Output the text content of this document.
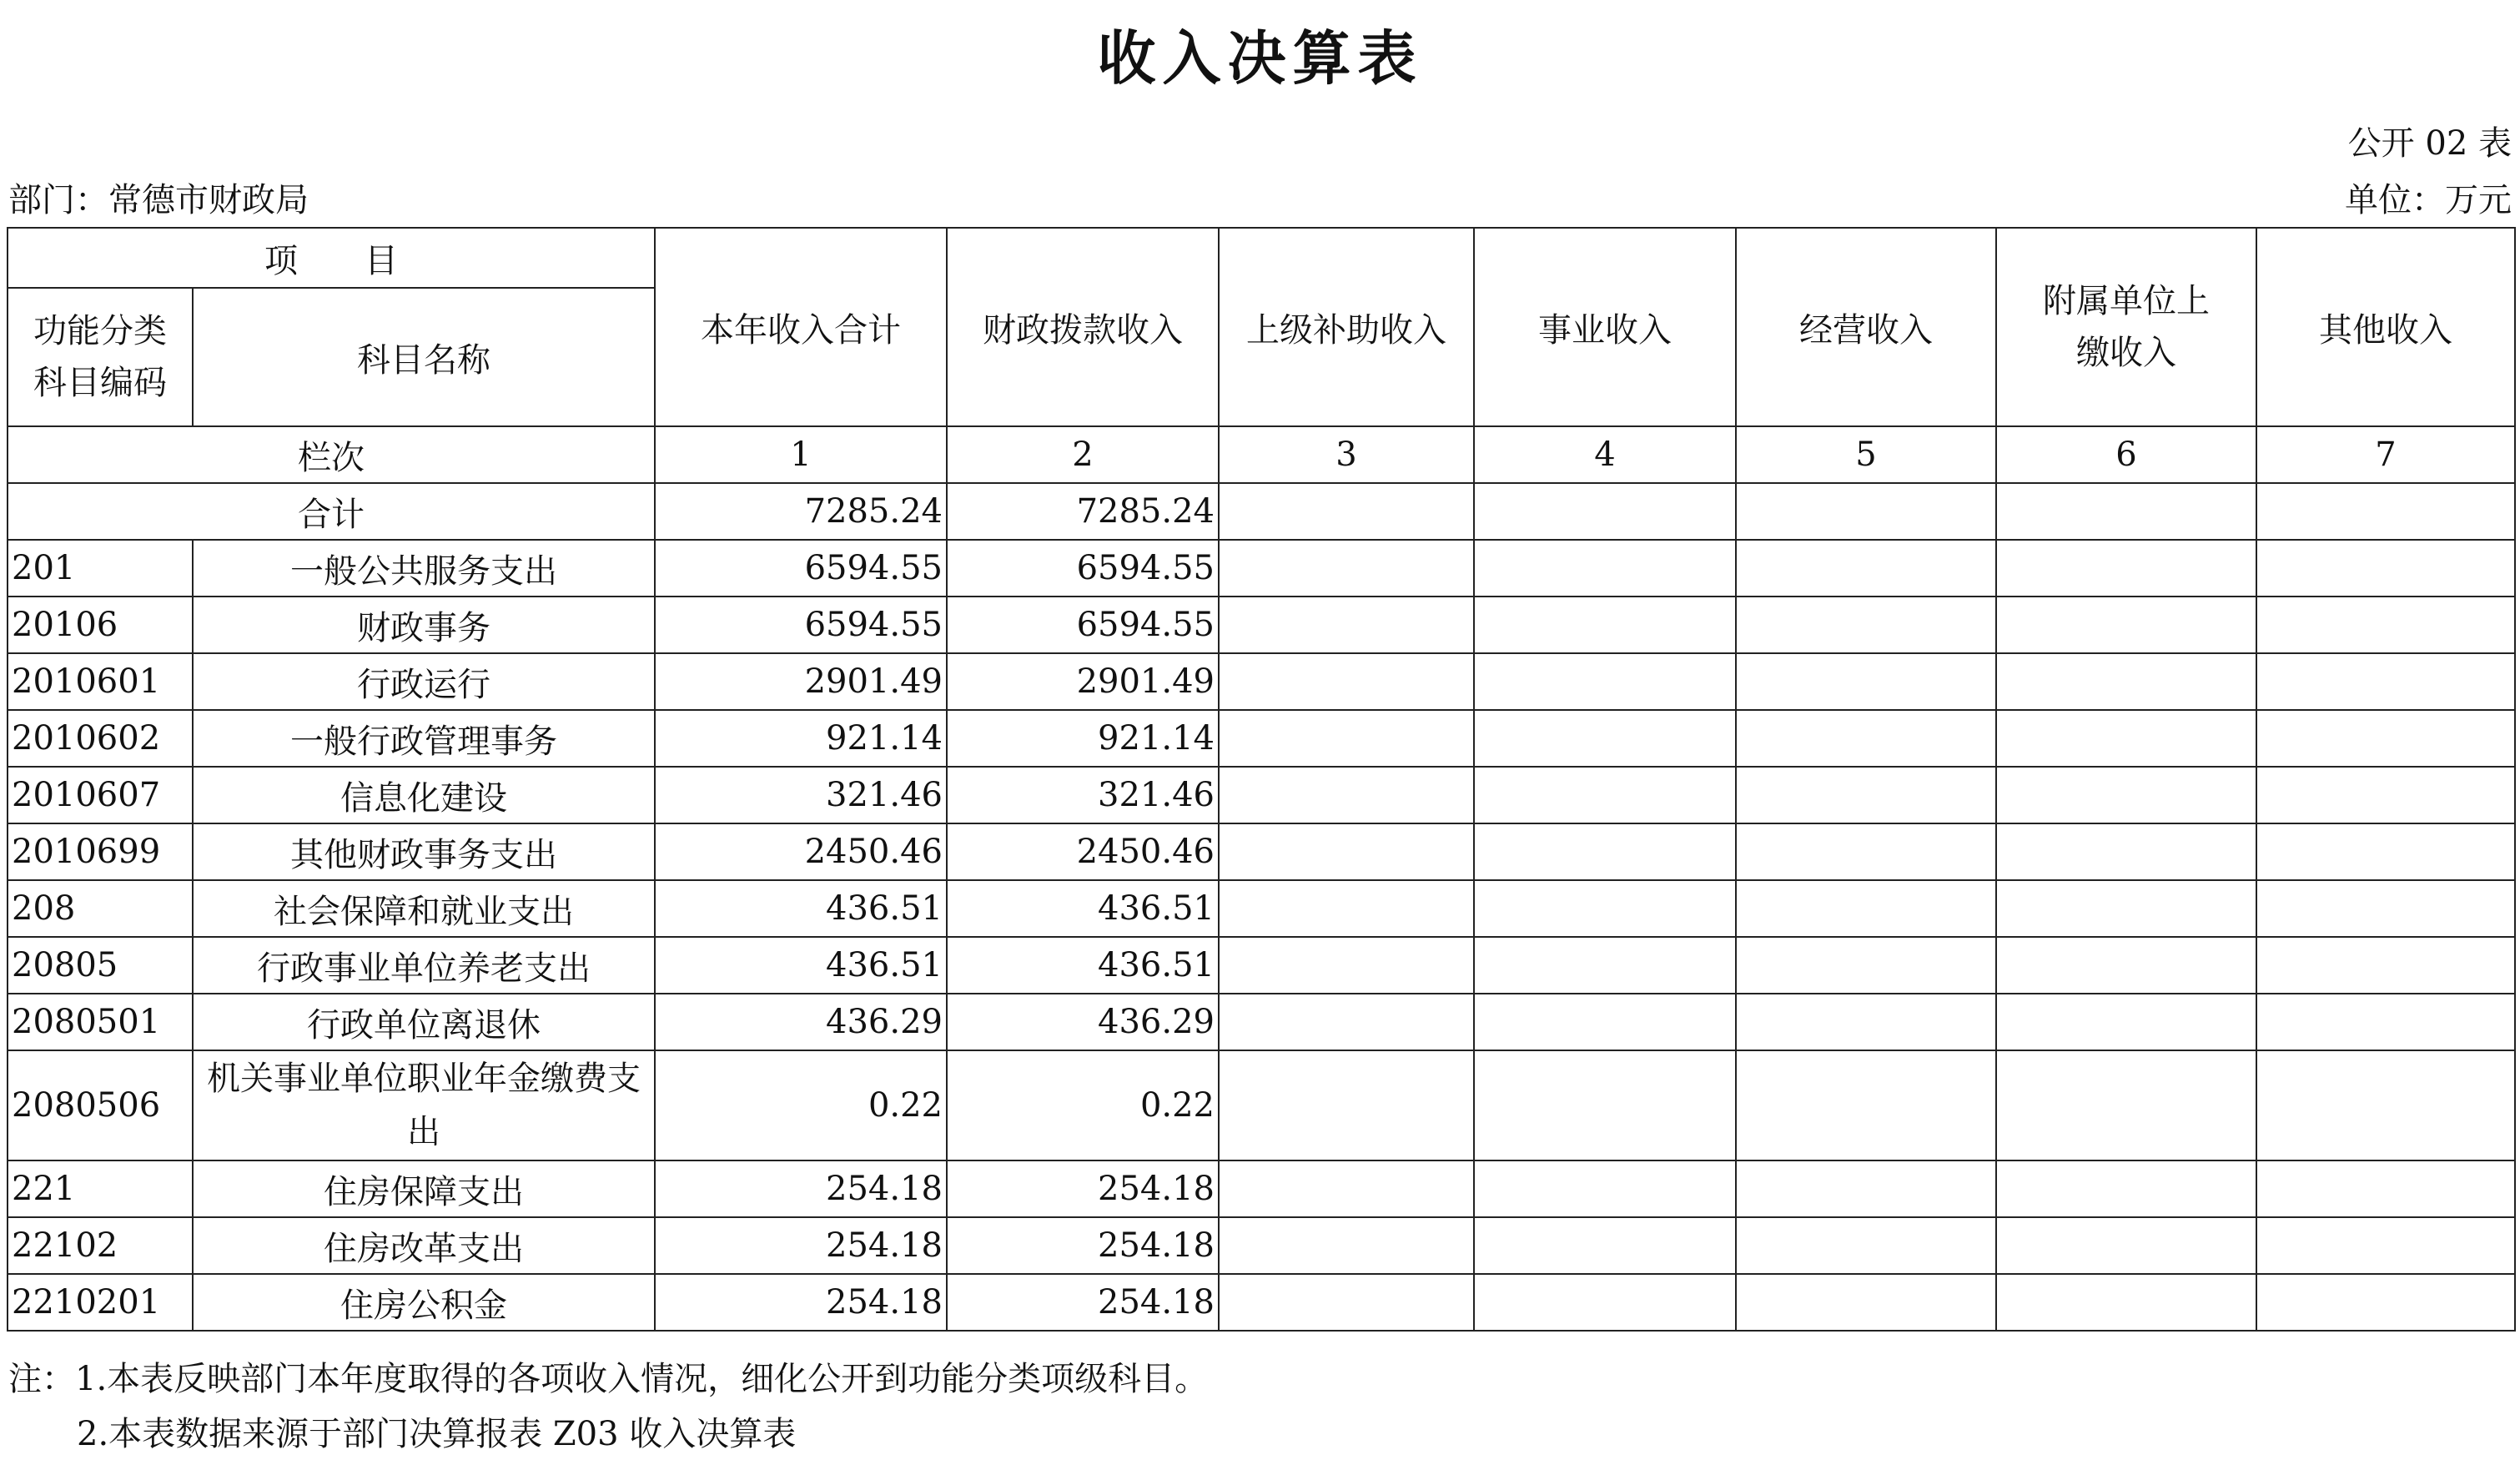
收入决算表
公开 02 表
部门：常德市财政局	单位：万元
项　　目		本年收入合计	财政拨款收入	上级补助收入	事业收入	经营收入	附属单位上缴收入	其他收入

功能分类科目编码	科目名称							
栏次		1	2	3	4	5	6	7
合计		7285.24	7285.24					
201	一般公共服务支出	6594.55	6594.55					
20106	财政事务	6594.55	6594.55					
2010601	行政运行	2901.49	2901.49					
2010602	一般行政管理事务	921.14	921.14					
2010607	信息化建设	321.46	321.46					
2010699	其他财政事务支出	2450.46	2450.46					
208	社会保障和就业支出	436.51	436.51					
20805	行政事业单位养老支出	436.51	436.51					
2080501	行政单位离退休	436.29	436.29					
2080506	机关事业单位职业年金缴费支出	0.22	0.22					
221	住房保障支出	254.18	254.18					
22102	住房改革支出	254.18	254.18					
2210201	住房公积金	254.18	254.18					
注：1.本表反映部门本年度取得的各项收入情况，细化公开到功能分类项级科目。
2.本表数据来源于部门决算报表 Z03 收入决算表
